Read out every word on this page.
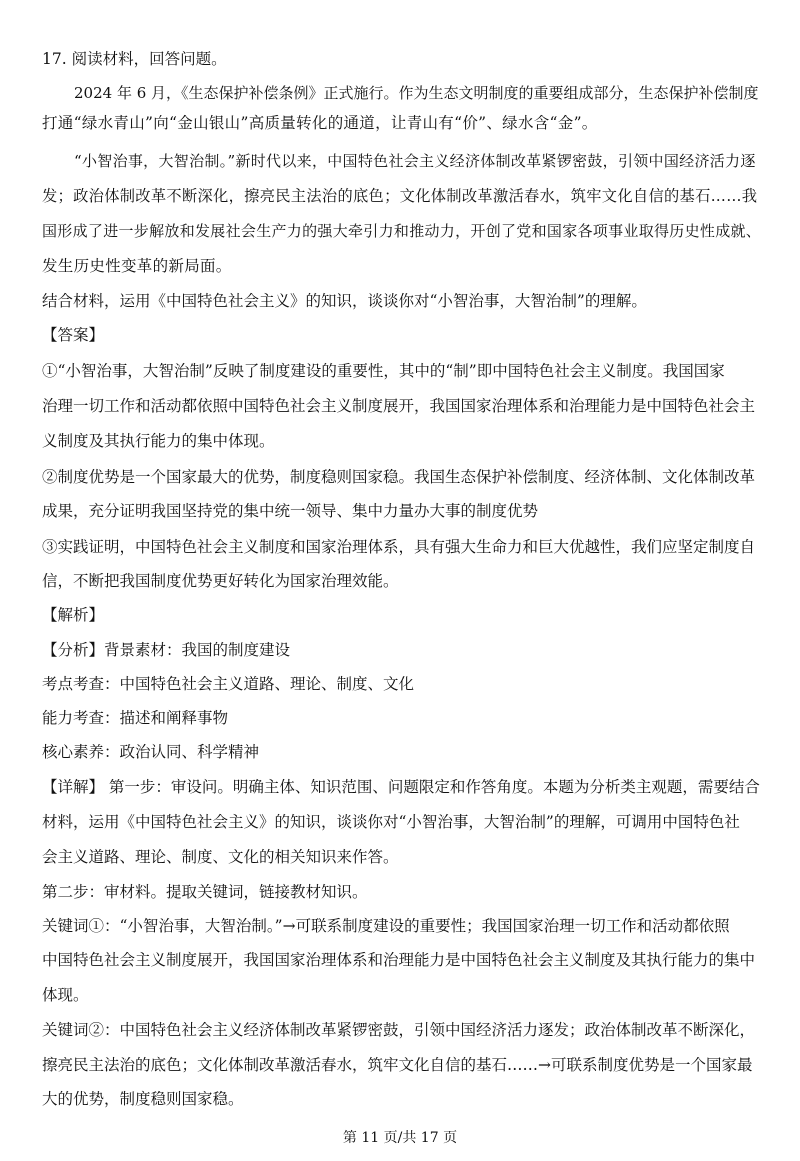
17. 阅读材料，回答问题。
2024 年 6 月，《生态保护补偿条例》正式施行。作为生态文明制度的重要组成部分，生态保护补偿制度
打通“绿水青山”向“金山银山”高质量转化的通道，让青山有“价”、绿水含“金”。
“小智治事，大智治制。”新时代以来，中国特色社会主义经济体制改革紧锣密鼓，引领中国经济活力逐
发；政治体制改革不断深化，擦亮民主法治的底色；文化体制改革激活春水，筑牢文化自信的基石……我
国形成了进一步解放和发展社会生产力的强大牵引力和推动力，开创了党和国家各项事业取得历史性成就、
发生历史性变革的新局面。
结合材料，运用《中国特色社会主义》的知识，谈谈你对“小智治事，大智治制”的理解。
【答案】
①“小智治事，大智治制”反映了制度建设的重要性，其中的“制”即中国特色社会主义制度。我国国家
治理一切工作和活动都依照中国特色社会主义制度展开，我国国家治理体系和治理能力是中国特色社会主
义制度及其执行能力的集中体现。
②制度优势是一个国家最大的优势，制度稳则国家稳。我国生态保护补偿制度、经济体制、文化体制改革
成果，充分证明我国坚持党的集中统一领导、集中力量办大事的制度优势
③实践证明，中国特色社会主义制度和国家治理体系，具有强大生命力和巨大优越性，我们应坚定制度自
信，不断把我国制度优势更好转化为国家治理效能。
【解析】
【分析】背景素材：我国的制度建设
考点考查：中国特色社会主义道路、理论、制度、文化
能力考查：描述和阐释事物
核心素养：政治认同、科学精神
【详解】 第一步：审设问。明确主体、知识范围、问题限定和作答角度。本题为分析类主观题，需要结合
材料，运用《中国特色社会主义》的知识，谈谈你对“小智治事，大智治制”的理解，可调用中国特色社
会主义道路、理论、制度、文化的相关知识来作答。
第二步：审材料。提取关键词，链接教材知识。
关键词①：“小智治事，大智治制。”→可联系制度建设的重要性；我国国家治理一切工作和活动都依照
中国特色社会主义制度展开，我国国家治理体系和治理能力是中国特色社会主义制度及其执行能力的集中
体现。
关键词②：中国特色社会主义经济体制改革紧锣密鼓，引领中国经济活力逐发；政治体制改革不断深化，
擦亮民主法治的底色；文化体制改革激活春水，筑牢文化自信的基石……→可联系制度优势是一个国家最
大的优势，制度稳则国家稳。
第 11 页/共 17 页
